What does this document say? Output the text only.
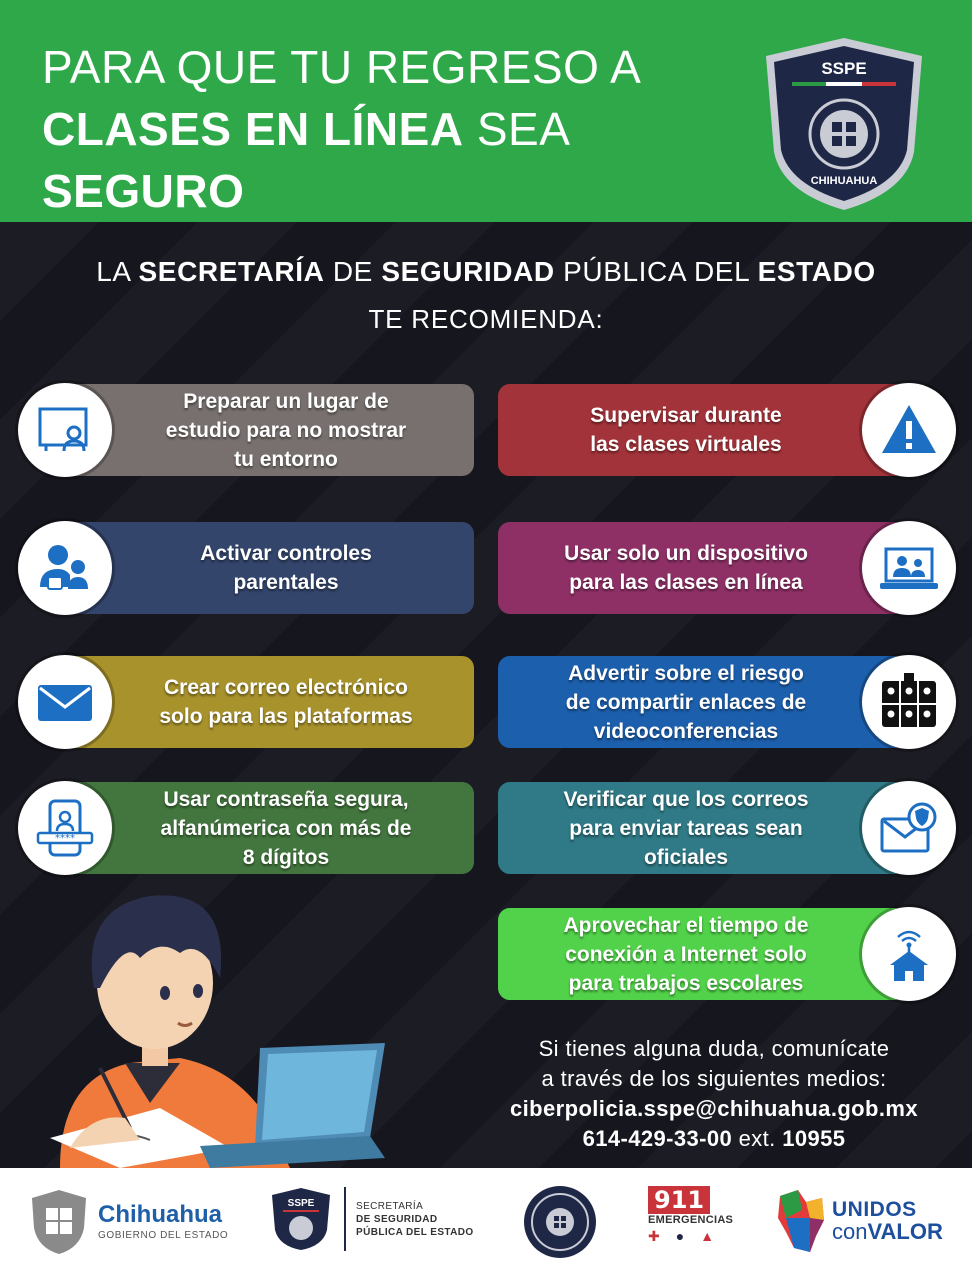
PARA QUE TU REGRESO A
CLASES EN LÍNEA SEA
SEGURO
SSPE
CHIHUAHUA
LA SECRETARÍA DE SEGURIDAD PÚBLICA DEL ESTADO
TE RECOMIENDA:
Preparar un lugar de
estudio para no mostrar
tu entorno
Activar controles
parentales
Crear correo electrónico
solo para las plataformas
Usar contraseña segura,
alfanúmerica con más de
8 dígitos
****
Supervisar durante
las clases virtuales
Usar solo un dispositivo
para las clases en línea
Advertir sobre el riesgo
de compartir enlaces de
videoconferencias
Verificar que los correos
para enviar tareas sean
oficiales
Aprovechar el tiempo de
conexión a Internet solo
para trabajos escolares
Si tienes alguna duda, comunícate
a través de los siguientes medios:
ciberpolicia.sspe@chihuahua.gob.mx
614-429-33-00 ext. 10955
Chihuahua
GOBIERNO DEL ESTADO
SSPE	SECRETARÍA
DE SEGURIDAD
PÚBLICA DEL ESTADO
911
EMERGENCIAS
✚ ● ▲
UNIDOS
conVALOR
